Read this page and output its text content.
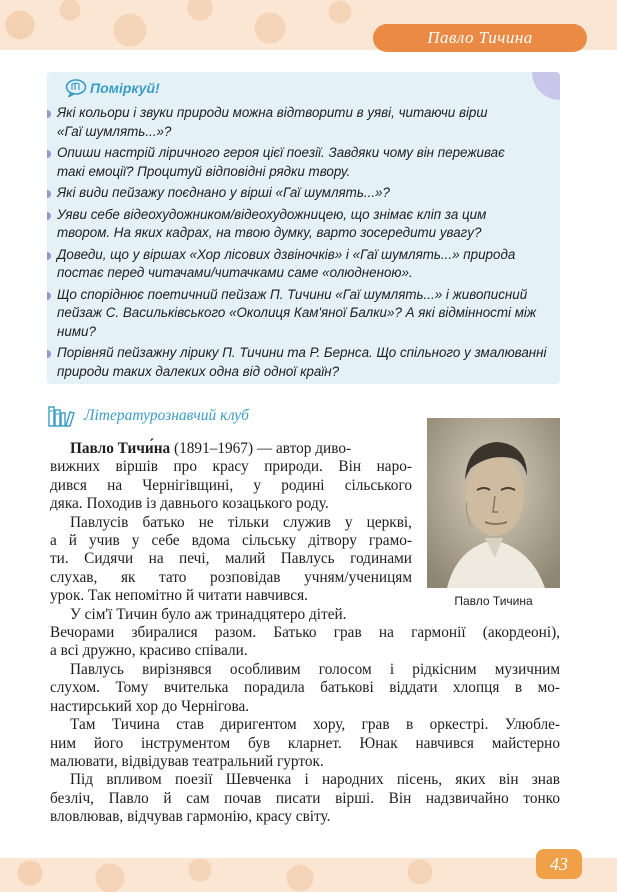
Павло Тичина
Поміркуй!
Які кольори і звуки природи можна відтворити в уяві, читаючи вірш
«Гаї шумлять...»?
Опиши настрій ліричного героя цієї поезії. Завдяки чому він переживає
такі емоції? Процитуй відповідні рядки твору.
Які види пейзажу поєднано у вірші «Гаї шумлять...»?
Уяви себе відеохудожником/відеохудожницею, що знімає кліп за цим
твором. На яких кадрах, на твою думку, варто зосередити увагу?
Доведи, що у віршах «Хор лісових дзвіночків» і «Гаї шумлять...» природа
постає перед читачами/читачками саме «олюдненою».
Що споріднює поетичний пейзаж П. Тичини «Гаї шумлять...» і живописний
пейзаж С. Васильківського «Околиця Кам'яної Балки»? А які відмінності між
ними?
Порівняй пейзажну лірику П. Тичини та Р. Бернса. Що спільного у змалюванні
природи таких далеких одна від одної країн?
Літературознавчий клуб
Павло Тичина
Павло Тичи́на (1891–1967) — автор диво-
вижних віршів про красу природи. Він наро-
дився на Чернігівщині, у родині сільського
дяка. Походив із давнього козацького роду.
Павлусів батько не тільки служив у церкві,
а й учив у себе вдома сільську дітвору грамо-
ти. Сидячи на печі, малий Павлусь годинами
слухав, як тато розповідав учням/ученицям
урок. Так непомітно й читати навчився.
У сім'ї Тичин було аж тринадцятеро дітей.
Вечорами збиралися разом. Батько грав на гармонії (акордеоні),
а всі дружно, красиво співали.
Павлусь вирізнявся особливим голосом і рідкісним музичним
слухом. Тому вчителька порадила батькові віддати хлопця в мо-
настирський хор до Чернігова.
Там Тичина став диригентом хору, грав в оркестрі. Улюбле-
ним його інструментом був кларнет. Юнак навчився майстерно
малювати, відвідував театральний гурток.
Під впливом поезії Шевченка і народних пісень, яких він знав
безліч, Павло й сам почав писати вірші. Він надзвичайно тонко
вловлював, відчував гармонію, красу світу.
43
